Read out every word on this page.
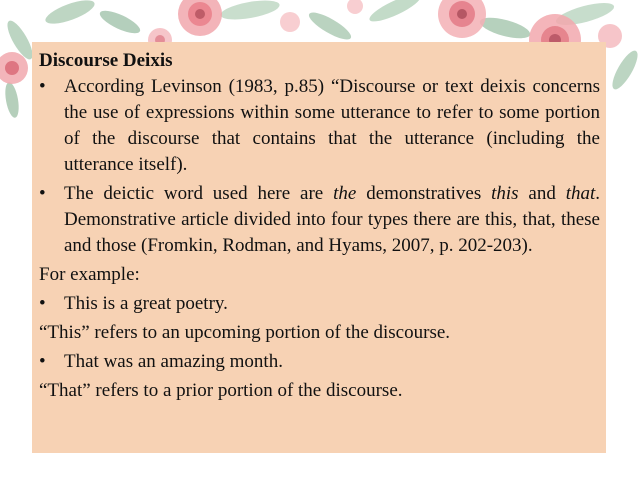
Discourse Deixis

• According Levinson (1983, p.85) “Discourse or text deixis concerns the use of expressions within some utterance to refer to some portion of the discourse that contains that the utterance (including the utterance itself).
• The deictic word used here are the demonstratives this and that. Demonstrative article divided into four types there are this, that, these and those (Fromkin, Rodman, and Hyams, 2007, p. 202-203).

For example:

• This is a great poetry.

“This” refers to an upcoming portion of the discourse.

• That was an amazing month.

“That” refers to a prior portion of the discourse.
